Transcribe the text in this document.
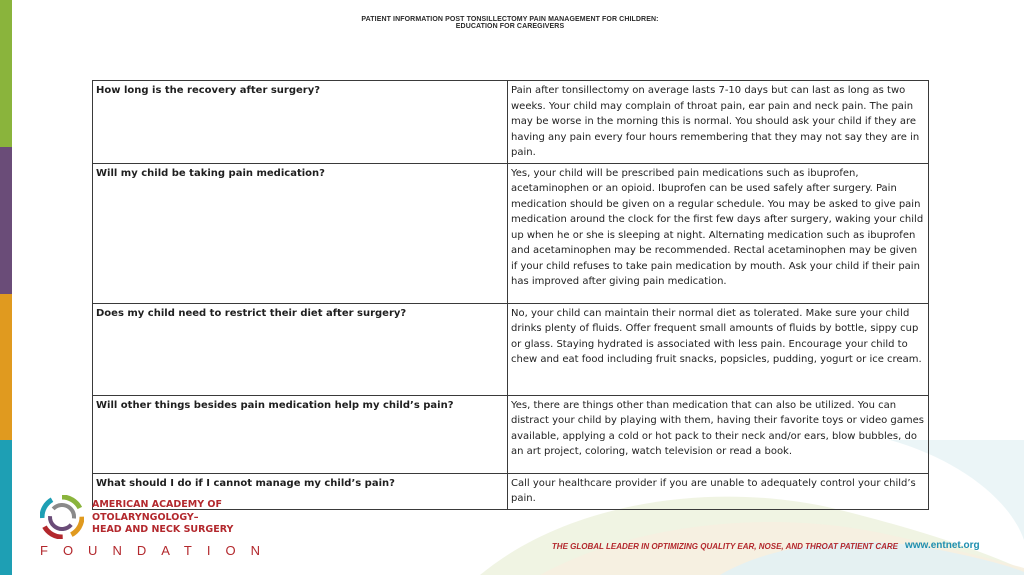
PATIENT INFORMATION POST TONSILLECTOMY PAIN MANAGEMENT FOR CHILDREN:
EDUCATION FOR CAREGIVERS
How long is the recovery after surgery?	Pain after tonsillectomy on average lasts 7-10 days but can last as long as two weeks. Your child may complain of throat pain, ear pain and neck pain. The pain may be worse in the morning this is normal. You should ask your child if they are having any pain every four hours remembering that they may not say they are in pain.
Will my child be taking pain medication?	Yes, your child will be prescribed pain medications such as ibuprofen, acetaminophen or an opioid. Ibuprofen can be used safely after surgery. Pain medication should be given on a regular schedule. You may be asked to give pain medication around the clock for the first few days after surgery, waking your child up when he or she is sleeping at night. Alternating medication such as ibuprofen and acetaminophen may be recommended. Rectal acetaminophen may be given if your child refuses to take pain medication by mouth. Ask your child if their pain has improved after giving pain medication.
Does my child need to restrict their diet after surgery?	No, your child can maintain their normal diet as tolerated. Make sure your child drinks plenty of fluids. Offer frequent small amounts of fluids by bottle, sippy cup or glass. Staying hydrated is associated with less pain. Encourage your child to chew and eat food including fruit snacks, popsicles, pudding, yogurt or ice cream.
Will other things besides pain medication help my child’s pain?	Yes, there are things other than medication that can also be utilized. You can distract your child by playing with them, having their favorite toys or video games available, applying a cold or hot pack to their neck and/or ears, blow bubbles, do an art project, coloring, watch television or read a book.
What should I do if I cannot manage my child’s pain?	Call your healthcare provider if you are unable to adequately control your child’s pain.
AMERICAN ACADEMY OF
OTOLARYNGOLOGY–
HEAD AND NECK SURGERY
FOUNDATION	THE GLOBAL LEADER IN OPTIMIZING QUALITY EAR, NOSE, AND THROAT PATIENT CARE www.entnet.org
